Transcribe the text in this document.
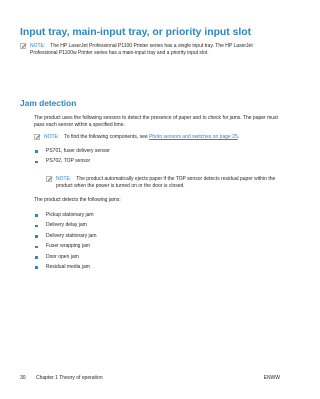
Input tray, main-input tray, or priority input slot
NOTE: The HP LaserJet Professional P1100 Printer series has a single input tray. The HP LaserJet Professional P1100w Printer series has a main-input tray and a priority input slot.
Jam detection

The product uses the following sensors to detect the presence of paper and to check for jams. The paper must pass each sensor within a specified time.

NOTE: To find the following components, see Photo sensors and switches on page 25.
PS701, fuser delivery sensor
PS702, TOP sensor
NOTE: The product automatically ejects paper if the TOP sensor detects residual paper within the product when the power is turned on or the door is closed.

The product detects the following jams:

Pickup stationary jam
Delivery delay jam
Delivery stationary jam
Fuser wrapping jam
Door open jam
Residual media jam
30 Chapter 1 Theory of operation	ENWW
